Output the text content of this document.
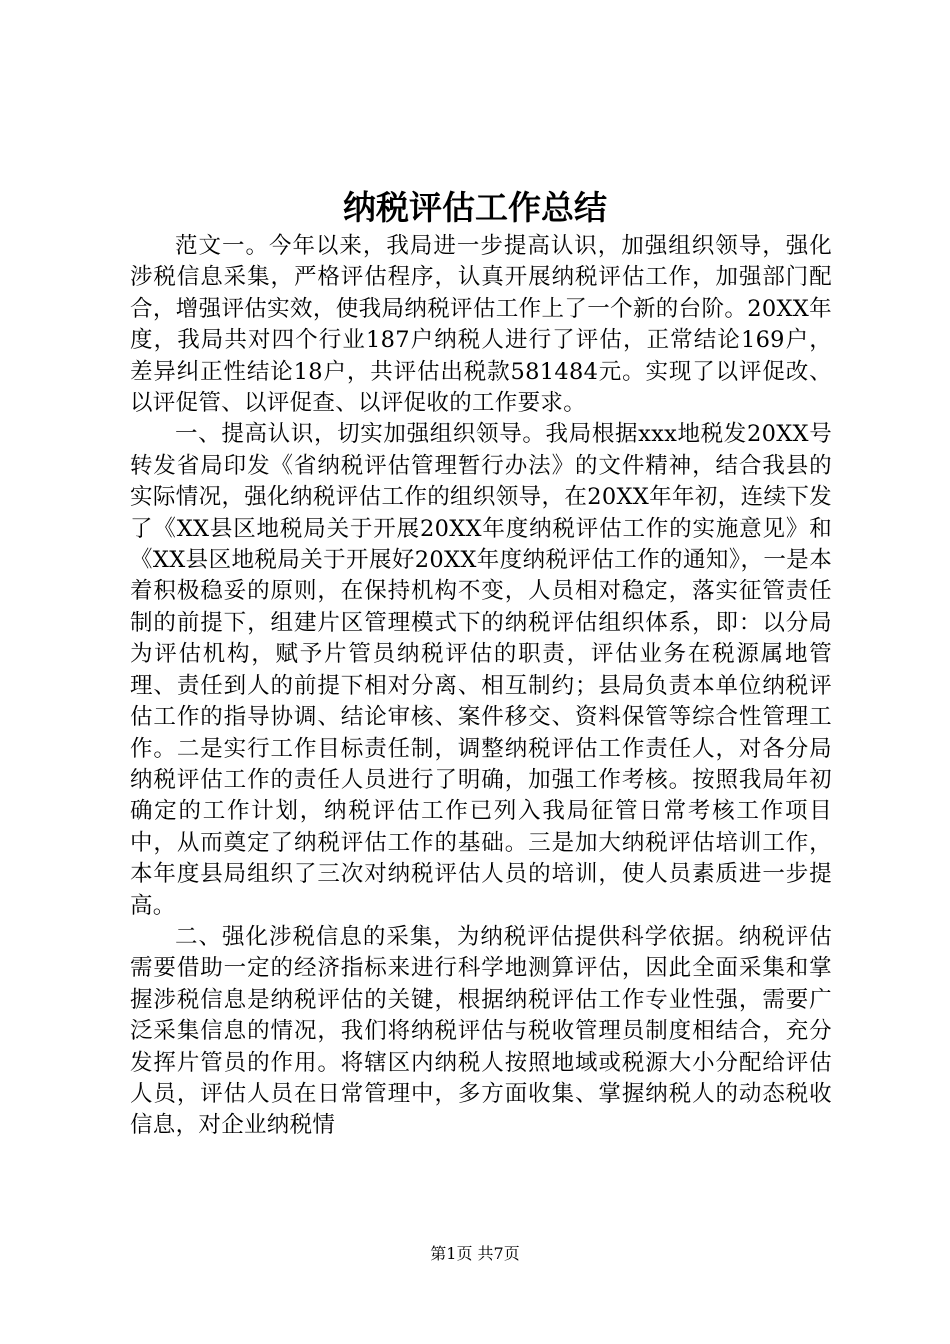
纳税评估工作总结

范文一。今年以来，我局进一步提高认识，加强组织领导，强化涉税信息采集，严格评估程序，认真开展纳税评估工作，加强部门配合，增强评估实效，使我局纳税评估工作上了一个新的台阶。20XX年度，我局共对四个行业187户纳税人进行了评估，正常结论169户，差异纠正性结论18户，共评估出税款581484元。实现了以评促改、以评促管、以评促查、以评促收的工作要求。

一、提高认识，切实加强组织领导。我局根据xxx地税发20XX号转发省局印发《省纳税评估管理暂行办法》的文件精神，结合我县的实际情况，强化纳税评估工作的组织领导，在20XX年年初，连续下发了《XX县区地税局关于开展20XX年度纳税评估工作的实施意见》和《XX县区地税局关于开展好20XX年度纳税评估工作的通知》，一是本着积极稳妥的原则，在保持机构不变，人员相对稳定，落实征管责任制的前提下，组建片区管理模式下的纳税评估组织体系，即：以分局为评估机构，赋予片管员纳税评估的职责，评估业务在税源属地管理、责任到人的前提下相对分离、相互制约；县局负责本单位纳税评估工作的指导协调、结论审核、案件移交、资料保管等综合性管理工作。二是实行工作目标责任制，调整纳税评估工作责任人，对各分局纳税评估工作的责任人员进行了明确，加强工作考核。按照我局年初确定的工作计划，纳税评估工作已列入我局征管日常考核工作项目中，从而奠定了纳税评估工作的基础。三是加大纳税评估培训工作，本年度县局组织了三次对纳税评估人员的培训，使人员素质进一步提高。

二、强化涉税信息的采集，为纳税评估提供科学依据。纳税评估需要借助一定的经济指标来进行科学地测算评估，因此全面采集和掌握涉税信息是纳税评估的关键，根据纳税评估工作专业性强，需要广泛采集信息的情况，我们将纳税评估与税收管理员制度相结合，充分发挥片管员的作用。将辖区内纳税人按照地域或税源大小分配给评估人员，评估人员在日常管理中，多方面收集、掌握纳税人的动态税收信息，对企业纳税情

第1页 共7页
